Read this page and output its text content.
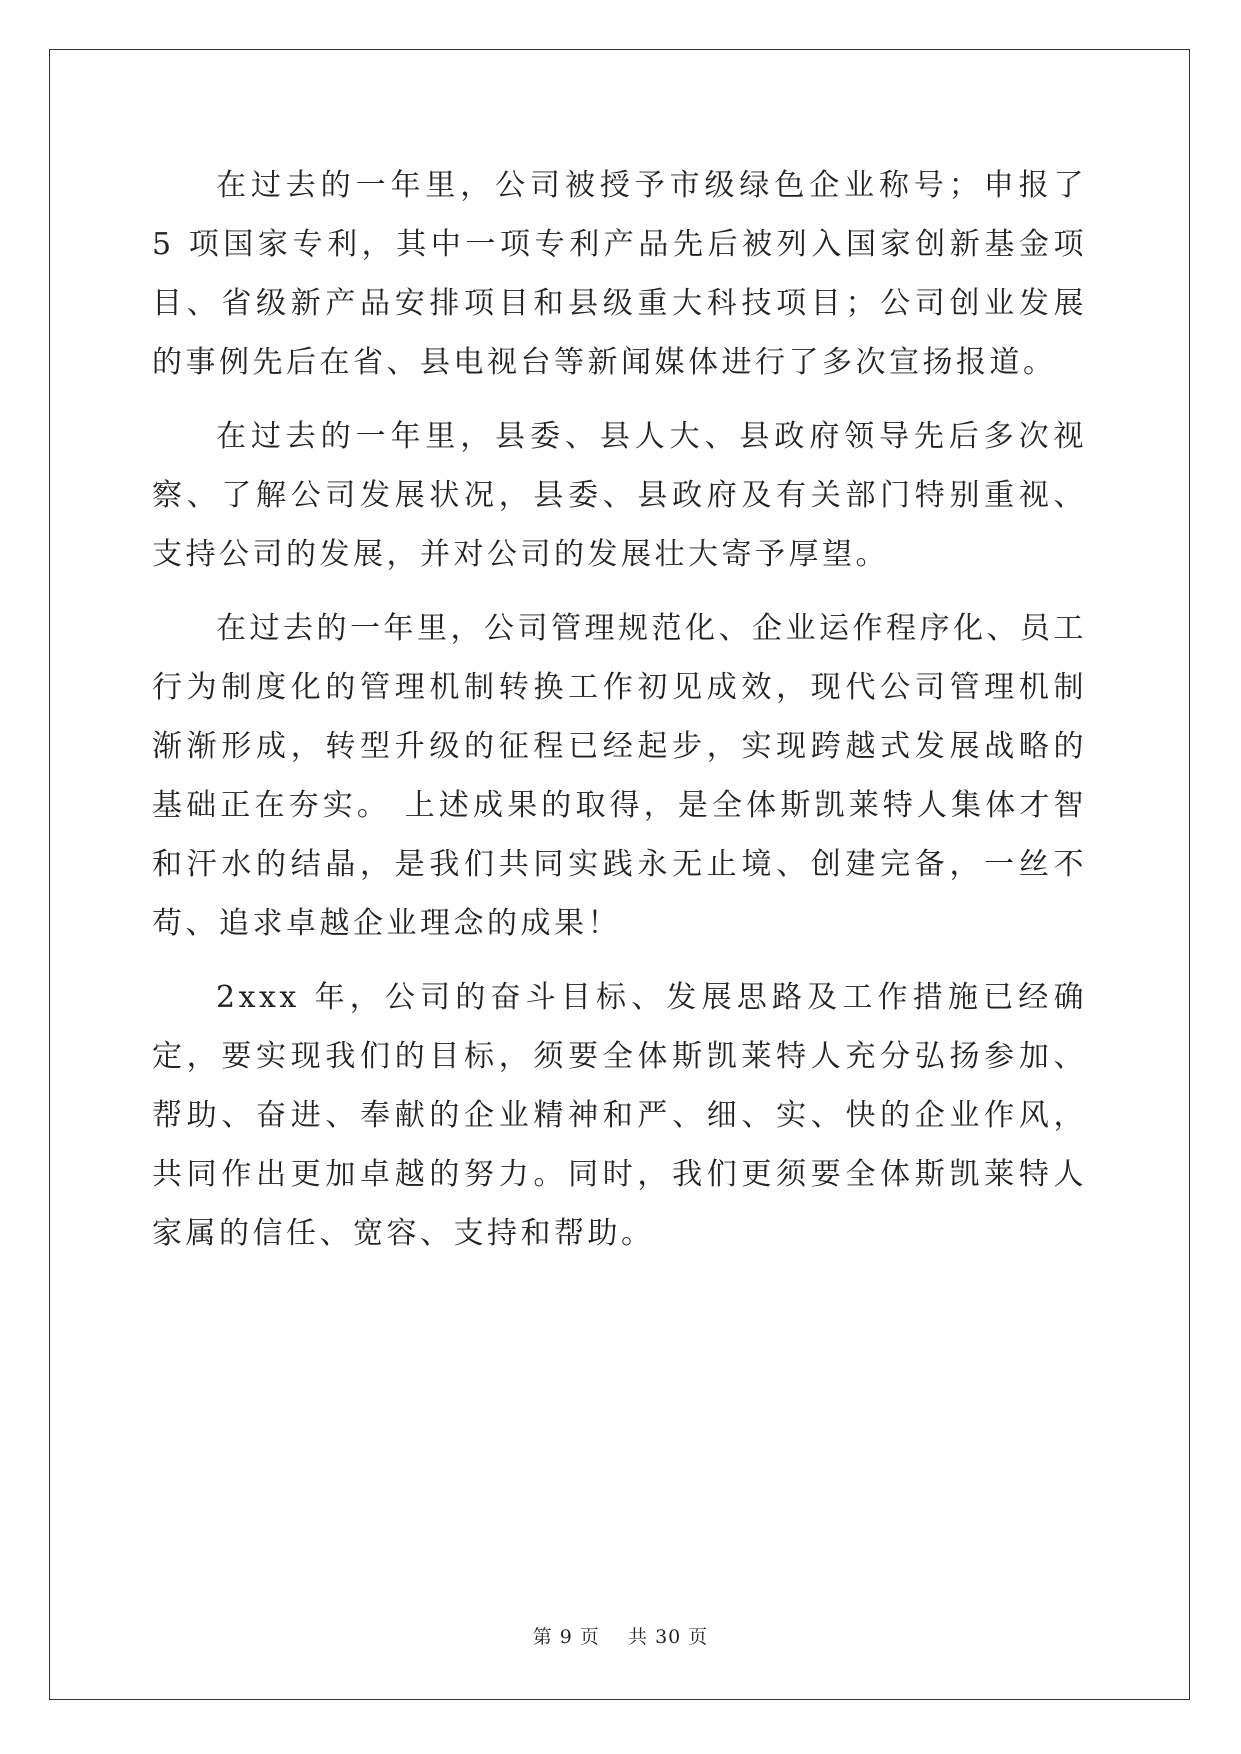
在过去的一年里，公司被授予市级绿色企业称号；申报了 5 项国家专利，其中一项专利产品先后被列入国家创新基金项目、省级新产品安排项目和县级重大科技项目；公司创业发展的事例先后在省、县电视台等新闻媒体进行了多次宣扬报道。

在过去的一年里，县委、县人大、县政府领导先后多次视察、了解公司发展状况，县委、县政府及有关部门特别重视、支持公司的发展，并对公司的发展壮大寄予厚望。

在过去的一年里，公司管理规范化、企业运作程序化、员工行为制度化的管理机制转换工作初见成效，现代公司管理机制渐渐形成，转型升级的征程已经起步，实现跨越式发展战略的基础正在夯实。 上述成果的取得，是全体斯凯莱特人集体才智和汗水的结晶，是我们共同实践永无止境、创建完备，一丝不苟、追求卓越企业理念的成果！

2xxx 年，公司的奋斗目标、发展思路及工作措施已经确定，要实现我们的目标，须要全体斯凯莱特人充分弘扬参加、帮助、奋进、奉献的企业精神和严、细、实、快的企业作风，共同作出更加卓越的努力。同时，我们更须要全体斯凯莱特人家属的信任、宽容、支持和帮助。

第 9 页 共 30 页
